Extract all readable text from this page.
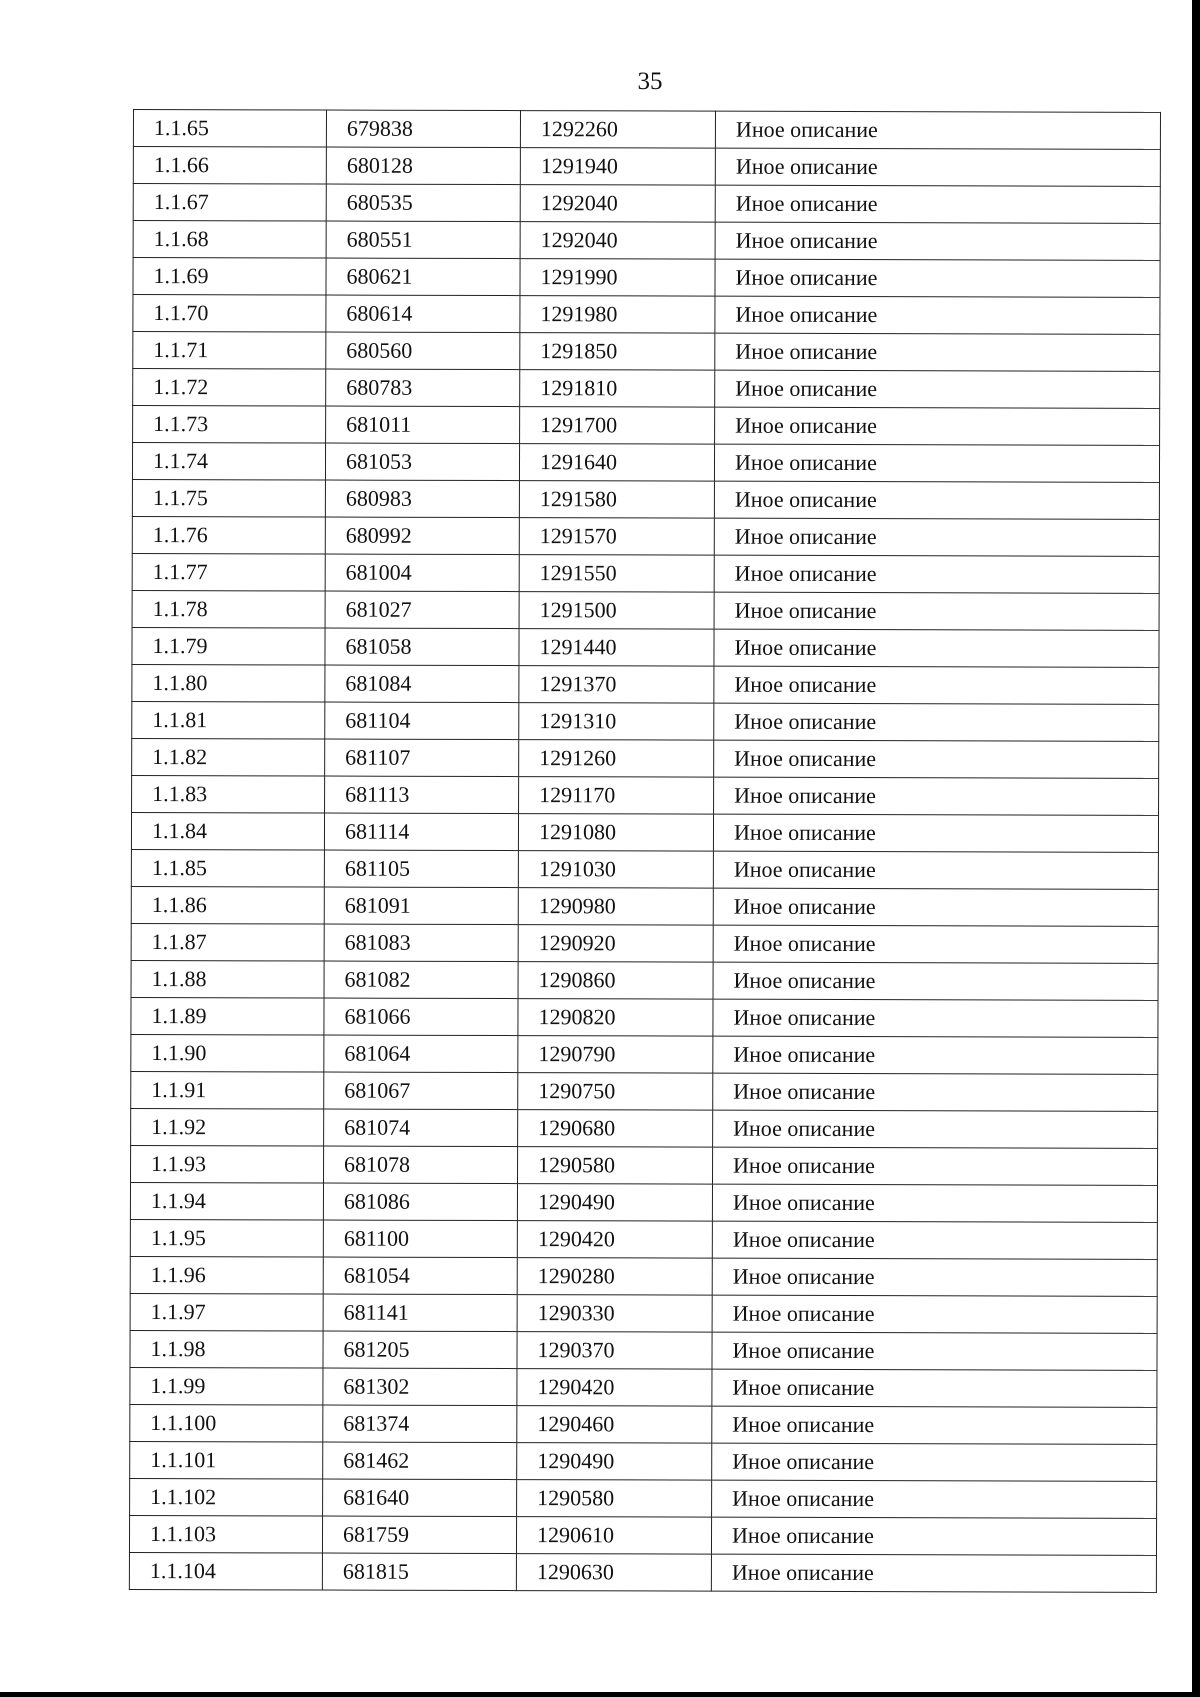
35
1.1.65	679838	1292260	Иное описание
1.1.66	680128	1291940	Иное описание
1.1.67	680535	1292040	Иное описание
1.1.68	680551	1292040	Иное описание
1.1.69	680621	1291990	Иное описание
1.1.70	680614	1291980	Иное описание
1.1.71	680560	1291850	Иное описание
1.1.72	680783	1291810	Иное описание
1.1.73	681011	1291700	Иное описание
1.1.74	681053	1291640	Иное описание
1.1.75	680983	1291580	Иное описание
1.1.76	680992	1291570	Иное описание
1.1.77	681004	1291550	Иное описание
1.1.78	681027	1291500	Иное описание
1.1.79	681058	1291440	Иное описание
1.1.80	681084	1291370	Иное описание
1.1.81	681104	1291310	Иное описание
1.1.82	681107	1291260	Иное описание
1.1.83	681113	1291170	Иное описание
1.1.84	681114	1291080	Иное описание
1.1.85	681105	1291030	Иное описание
1.1.86	681091	1290980	Иное описание
1.1.87	681083	1290920	Иное описание
1.1.88	681082	1290860	Иное описание
1.1.89	681066	1290820	Иное описание
1.1.90	681064	1290790	Иное описание
1.1.91	681067	1290750	Иное описание
1.1.92	681074	1290680	Иное описание
1.1.93	681078	1290580	Иное описание
1.1.94	681086	1290490	Иное описание
1.1.95	681100	1290420	Иное описание
1.1.96	681054	1290280	Иное описание
1.1.97	681141	1290330	Иное описание
1.1.98	681205	1290370	Иное описание
1.1.99	681302	1290420	Иное описание
1.1.100	681374	1290460	Иное описание
1.1.101	681462	1290490	Иное описание
1.1.102	681640	1290580	Иное описание
1.1.103	681759	1290610	Иное описание
1.1.104	681815	1290630	Иное описание
